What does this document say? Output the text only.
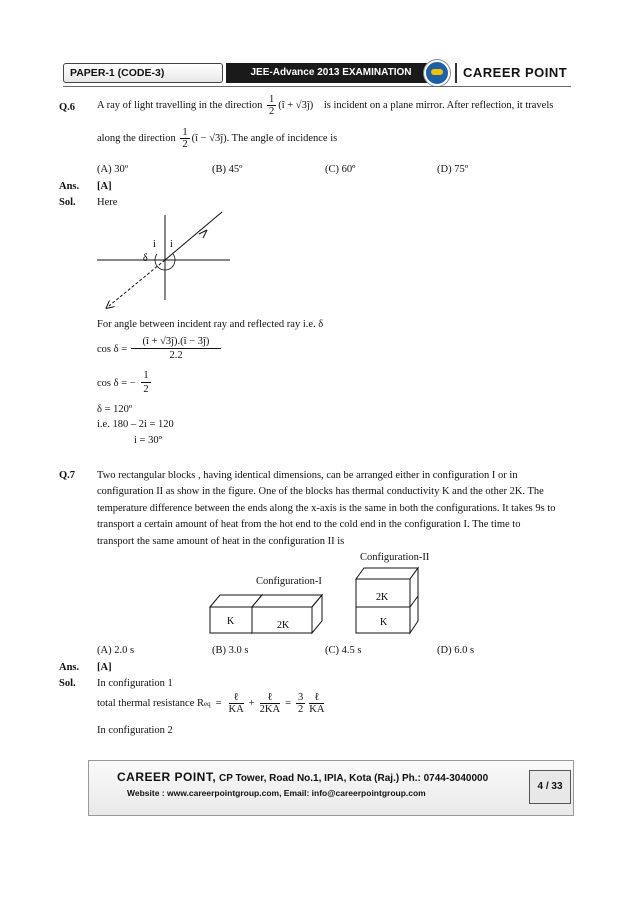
PAPER-1 (CODE-3)	JEE-Advance 2013 EXAMINATION	CAREER POINT
Q.6 A ray of light travelling in the direction $\frac{1}{2}$ (î + √3ĵ) is incident on a plane mirror. After reflection, it travels
along the direction $\frac{1}{2}$ (î − √3ĵ). The angle of incidence is
(A) 30º	(B) 45º	(C) 60º	(D) 75º
Ans. [A]
Sol. Here
i i
δ
For angle between incident ray and reflected ray i.e. δ
$\cos \delta = \frac{(î + √3ĵ).(î - 3ĵ)}{2.2}$
cos δ = − $\frac{1}{2}$
δ = 120º
i.e. 180 – 2i = 120
i = 30º
Q.7 Two rectangular blocks , having identical dimensions, can be arranged either in configuration I or in
configuration II as show in the figure. One of the blocks has thermal conductivity K and the other 2K. The
temperature difference between the ends along the x-axis is the same in both the configurations. It takes 9s to
transport a certain amount of heat from the hot end to the cold end in the configuration I. The time to
transport the same amount of heat in the configuration II is
Configuration-II
Configuration-I
K	2K
2K
K
(A) 2.0 s	(B) 3.0 s	(C) 4.5 s	(D) 6.0 s
Ans. [A]
Sol. In configuration 1
total thermal resistance R eq = $\frac{\text{ℓ}}{KA} + \frac{\text{ℓ}}{2KA} = \frac{3}{2} \frac{\text{ℓ}}{KA}$
In configuration 2
CAREER POINT, CP Tower, Road No.1, IPIA, Kota (Raj.) Ph.: 0744-3040000
Website : www.careerpointgroup.com, Email: info@careerpointgroup.com
4 / 33
